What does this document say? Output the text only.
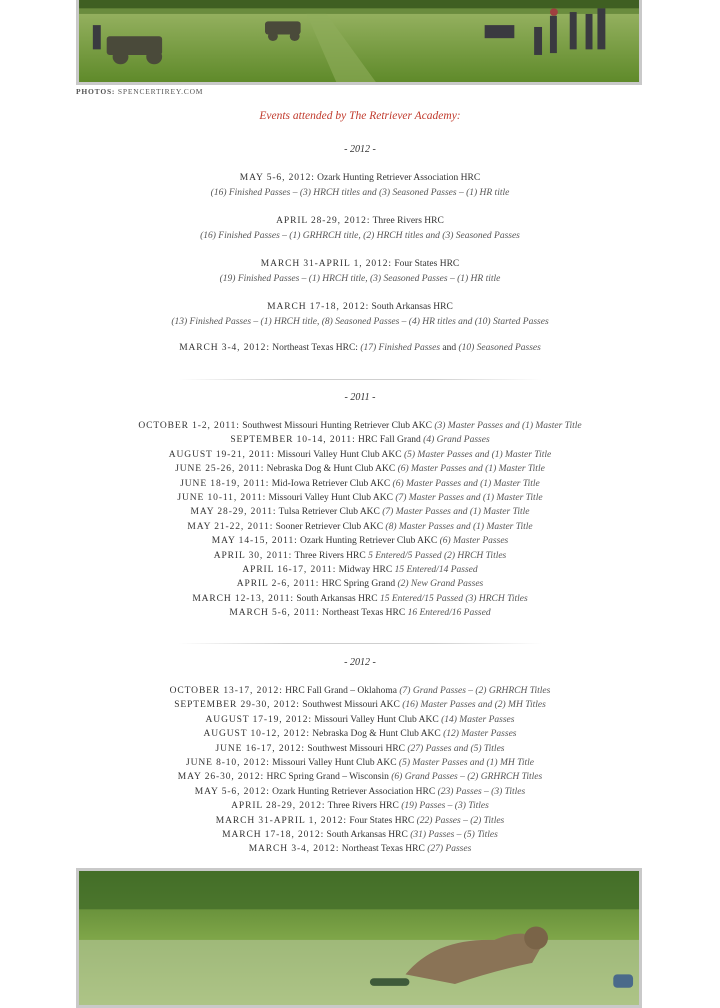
PHOTOS: SPENCERTIREY.COM
Events attended by The Retriever Academy:
- 2012 -
MAY 5-6, 2012: Ozark Hunting Retriever Association HRC
(16) Finished Passes – (3) HRCH titles and (3) Seasoned Passes – (1) HR title
APRIL 28-29, 2012: Three Rivers HRC
(16) Finished Passes – (1) GRHRCH title, (2) HRCH titles and (3) Seasoned Passes
MARCH 31-APRIL 1, 2012: Four States HRC
(19) Finished Passes – (1) HRCH title, (3) Seasoned Passes – (1) HR title
MARCH 17-18, 2012: South Arkansas HRC
(13) Finished Passes – (1) HRCH title, (8) Seasoned Passes – (4) HR titles and (10) Started Passes
MARCH 3-4, 2012: Northeast Texas HRC: (17) Finished Passes and (10) Seasoned Passes
- 2011 -
OCTOBER 1-2, 2011: Southwest Missouri Hunting Retriever Club AKC (3) Master Passes and (1) Master Title
SEPTEMBER 10-14, 2011: HRC Fall Grand (4) Grand Passes
AUGUST 19-21, 2011: Missouri Valley Hunt Club AKC (5) Master Passes and (1) Master Title
JUNE 25-26, 2011: Nebraska Dog & Hunt Club AKC (6) Master Passes and (1) Master Title
JUNE 18-19, 2011: Mid-Iowa Retriever Club AKC (6) Master Passes and (1) Master Title
JUNE 10-11, 2011: Missouri Valley Hunt Club AKC (7) Master Passes and (1) Master Title
MAY 28-29, 2011: Tulsa Retriever Club AKC (7) Master Passes and (1) Master Title
MAY 21-22, 2011: Sooner Retriever Club AKC (8) Master Passes and (1) Master Title
MAY 14-15, 2011: Ozark Hunting Retriever Club AKC (6) Master Passes
APRIL 30, 2011: Three Rivers HRC 5 Entered/5 Passed (2) HRCH Titles
APRIL 16-17, 2011: Midway HRC 15 Entered/14 Passed
APRIL 2-6, 2011: HRC Spring Grand (2) New Grand Passes
MARCH 12-13, 2011: South Arkansas HRC 15 Entered/15 Passed (3) HRCH Titles
MARCH 5-6, 2011: Northeast Texas HRC 16 Entered/16 Passed
- 2012 -
OCTOBER 13-17, 2012: HRC Fall Grand – Oklahoma (7) Grand Passes – (2) GRHRCH Titles
SEPTEMBER 29-30, 2012: Southwest Missouri AKC (16) Master Passes and (2) MH Titles
AUGUST 17-19, 2012: Missouri Valley Hunt Club AKC (14) Master Passes
AUGUST 10-12, 2012: Nebraska Dog & Hunt Club AKC (12) Master Passes
JUNE 16-17, 2012: Southwest Missouri HRC (27) Passes and (5) Titles
JUNE 8-10, 2012: Missouri Valley Hunt Club AKC (5) Master Passes and (1) MH Title
MAY 26-30, 2012: HRC Spring Grand – Wisconsin (6) Grand Passes – (2) GRHRCH Titles
MAY 5-6, 2012: Ozark Hunting Retriever Association HRC (23) Passes – (3) Titles
APRIL 28-29, 2012: Three Rivers HRC (19) Passes – (3) Titles
MARCH 31-APRIL 1, 2012: Four States HRC (22) Passes – (2) Titles
MARCH 17-18, 2012: South Arkansas HRC (31) Passes – (5) Titles
MARCH 3-4, 2012: Northeast Texas HRC (27) Passes
